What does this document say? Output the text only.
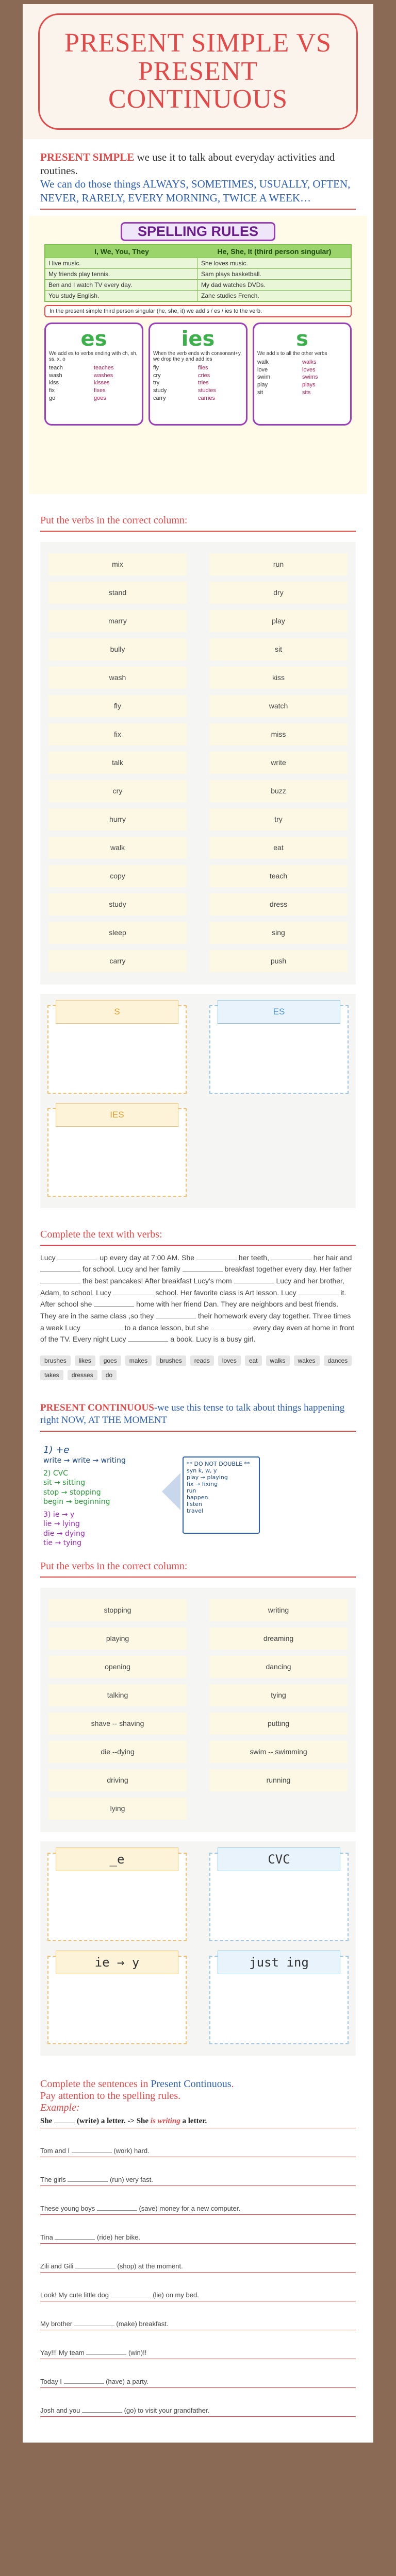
PRESENT SIMPLE VS PRESENT CONTINUOUS
PRESENT SIMPLE we use it to talk about everyday activities and routines.
We can do those things ALWAYS, SOMETIMES, USUALLY, OFTEN, NEVER, RARELY, EVERY MORNING, TWICE A WEEK…
SPELLING RULES
I, We, You, They	He, She, It (third person singular)
I live music.	She loves music.
My friends play tennis.	Sam plays basketball.
Ben and I watch TV every day.	My dad watches DVDs.
You study English.	Zane studies French.
In the present simple third person singular (he, she, it) we add s / es / ies to the verb.
es
We add es to verbs ending with ch, sh, ss, x, o
teach	teaches
wash	washes
kiss	kisses
fix	fixes
go	goes
ies
When the verb ends with consonant+y, we drop the y and add ies
fly	flies
cry	cries
try	tries
study	studies
carry	carries
s
We add s to all the other verbs
walk	walks
love	loves
swim	swims
play	plays
sit	sits
Put the verbs in the correct column:
mix	run
stand	dry
marry	play
bully	sit
wash	kiss
fly	watch
fix	miss
talk	write
cry	buzz
hurry	try
walk	eat
copy	teach
study	dress
sleep	sing
carry	push
S	ES
IES
Complete the text with verbs:
Lucy	up every day at 7:00 AM. She	her teeth,	her hair and  for school. Lucy and her family	breakfast together every day. Her father  the best pancakes! After breakfast Lucy's mom	Lucy and her brother, Adam, to school. Lucy	school. Her favorite class is Art lesson. Lucy	it. After school she	home with her friend Dan. They are neighbors and best friends. They are in the same class ,so they	their homework every day together. Three times a week Lucy	to a dance lesson, but she	every day even at home in front of the TV. Every night Lucy	a book. Lucy is a busy girl.
brushes	likes	goes	makes	brushes	reads	loves	eat	walks	wakes	dances
takes	dresses	do
PRESENT CONTINUOUS-we use this tense to talk about things happening right NOW, AT THE MOMENT
1) +e
write → write → writing
2) CVC
sit → sitting
stop → stopping
begin → beginning
3) ie → y
lie → lying
die → dying
tie → tying
** DO NOT DOUBLE **
syn k, w, y
play → playing
fix → fixing
run
happen
listen
travel
Put the verbs in the correct column:
stopping	writing
playing	dreaming
opening	dancing
talking	tying
shave -- shaving	putting
die --dying	swim -- swimming
driving	running
lying
_e	CVC
ie → y	just ing
Complete the sentences in Present Continuous.
Pay attention to the spelling rules.
Example:
She	(write) a letter. -> She is writing a letter.
Tom and I	(work) hard.
The girls	(run) very fast.
These young boys	(save) money for a new computer.
Tina	(ride) her bike.
Zili and Gili	(shop) at the moment.
Look! My cute little dog	(lie) on my bed.
My brother	(make) breakfast.
Yay!!! My team	(win)!!
Today I	(have) a party.
Josh and you	(go) to visit your grandfather.
